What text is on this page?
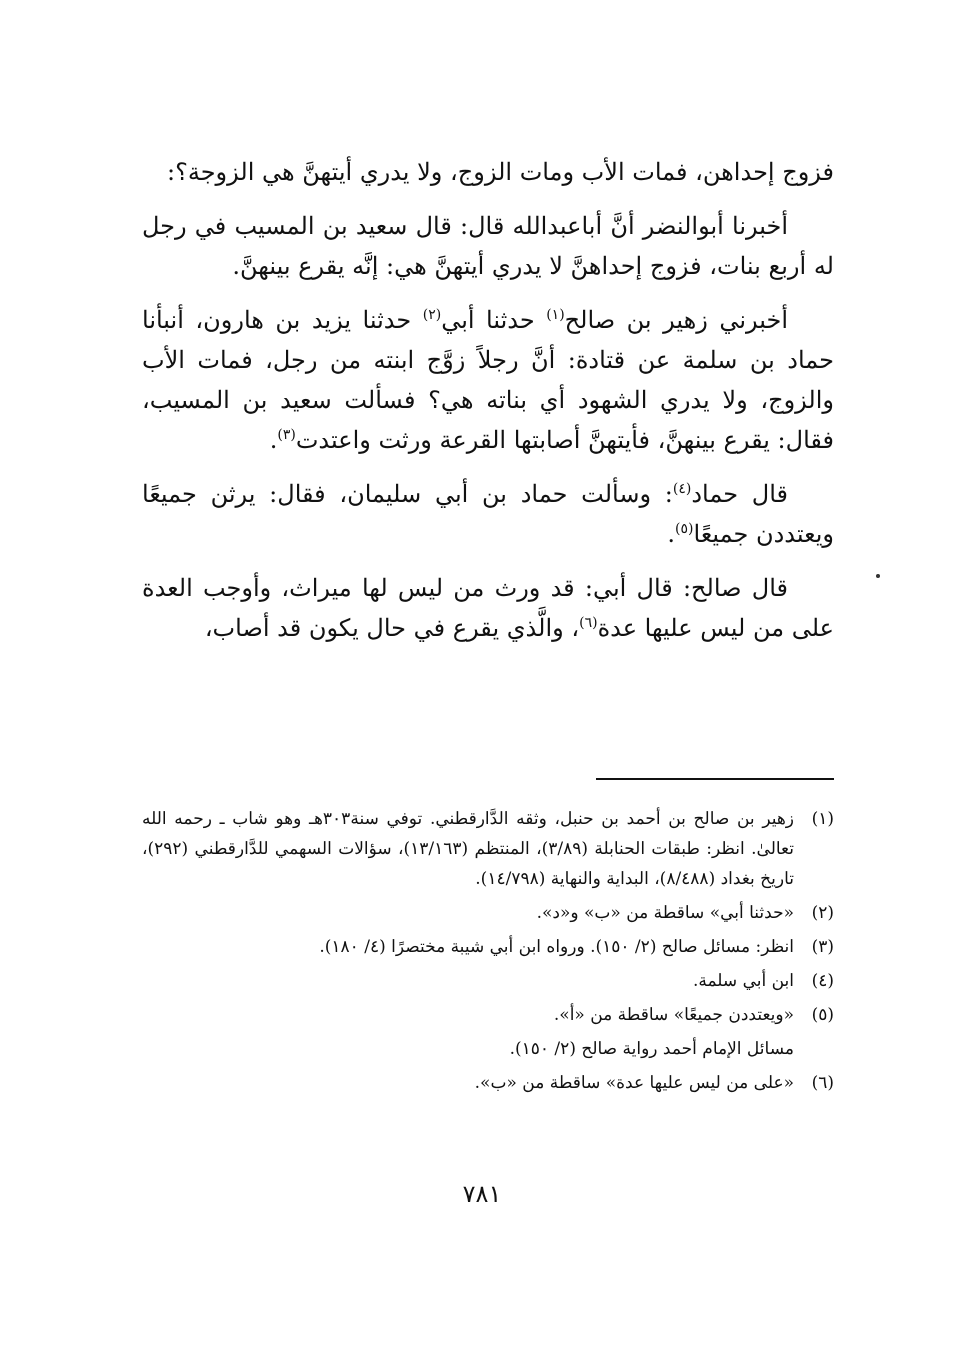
فزوج إحداهن، فمات الأب ومات الزوج، ولا يدري أيتهنَّ هي الزوجة؟:

أخبرنا أبوالنضر أنَّ أباعبدالله قال: قال سعيد بن المسيب في رجل له أربع بنات، فزوج إحداهنَّ لا يدري أيتهنَّ هي: إنَّه يقرع بينهنَّ.

أخبرني زهير بن صالح$^{(١)}$ حدثنا أبي$^{(٢)}$ حدثنا يزيد بن هارون، أنبأنا حماد بن سلمة عن قتادة: أنَّ رجلاً زوَّج ابنته من رجل، فمات الأب والزوج، ولا يدري الشهود أي بناته هي؟ فسألت سعيد بن المسيب، فقال: يقرع بينهنَّ، فأيتهنَّ أصابتها القرعة ورثت واعتدت$^{(٣)}$.

قال حماد$^{(٤)}$: وسألت حماد بن أبي سليمان، فقال: يرثن جميعًا ويعتددن جميعًا$^{(٥)}$.

قال صالح: قال أبي: قد ورث من ليس لها ميراث، وأوجب العدة على من ليس عليها عدة$^{(٦)}$، والَّذي يقرع في حال يكون قد أصاب،

(١)
زهير بن صالح بن أحمد بن حنبل، وثقه الدَّارقطني. توفي سنة٣٠٣هـ وهو شاب ـ رحمه الله تعالىٰ. انظر: طبقات الحنابلة (٣/٨٩)، المنتظم (١٣/١٦٣)، سؤالات السهمي للدَّارقطني (٢٩٢)، تاريخ بغداد (٨/٤٨٨)، البداية والنهاية (١٤/٧٩٨).
(٢)
«حدثنا أبي» ساقطة من «ب» و«د».
(٣)
انظر: مسائل صالح (٢/ ١٥٠). ورواه ابن أبي شيبة مختصرًا (٤/ ١٨٠).
(٤)
ابن أبي سلمة.
(٥)
«ويعتددن جميعًا» ساقطة من «أ».
مسائل الإمام أحمد رواية صالح (٢/ ١٥٠).
(٦)
«على من ليس عليها عدة» ساقطة من «ب».
٧٨١
